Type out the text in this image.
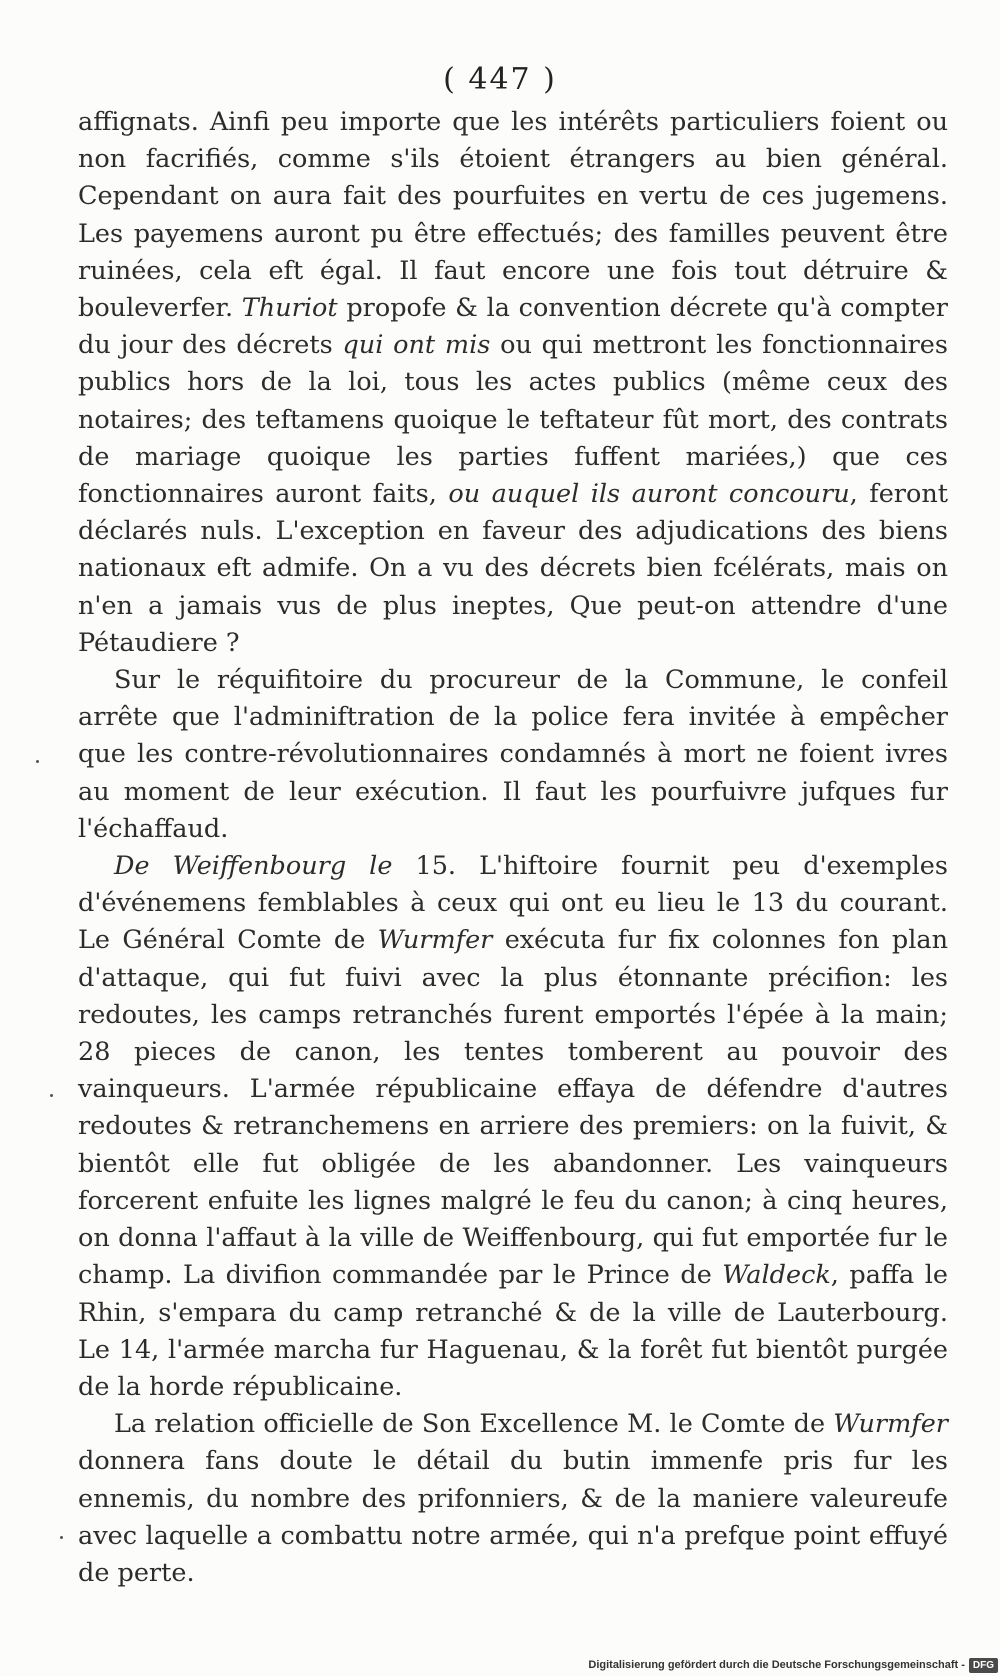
( 447 )

affignats. Ainfi peu importe que les intérêts particuliers foient ou non facrifiés, comme s'ils étoient étrangers au bien général. Cependant on aura fait des pourfuites en vertu de ces jugemens. Les payemens auront pu être effectués; des familles peuvent être ruinées, cela eft égal. Il faut encore une fois tout détruire & bouleverfer. Thuriot propofe & la convention décrete qu'à compter du jour des décrets qui ont mis ou qui mettront les fonctionnaires publics hors de la loi, tous les actes publics (même ceux des notaires; des teftamens quoique le teftateur fût mort, des contrats de mariage quoique les parties fuffent mariées,) que ces fonctionnaires auront faits, ou auquel ils auront concouru, feront déclarés nuls. L'exception en faveur des adjudications des biens nationaux eft admife. On a vu des décrets bien fcélérats, mais on n'en a jamais vus de plus ineptes, Que peut-on attendre d'une Pétaudiere ?

Sur le réquifitoire du procureur de la Commune, le confeil arrête que l'adminiftration de la police fera invitée à empêcher que les contre-révolutionnaires condamnés à mort ne foient ivres au moment de leur exécution. Il faut les pourfuivre jufques fur l'échaffaud.

De Weiffenbourg le 15. L'hiftoire fournit peu d'exemples d'événemens femblables à ceux qui ont eu lieu le 13 du courant. Le Général Comte de Wurmfer exécuta fur fix colonnes fon plan d'attaque, qui fut fuivi avec la plus étonnante précifion: les redoutes, les camps retranchés furent emportés l'épée à la main; 28 pieces de canon, les tentes tomberent au pouvoir des vainqueurs. L'armée républicaine effaya de défendre d'autres redoutes & retranchemens en arriere des premiers: on la fuivit, & bientôt elle fut obligée de les abandonner. Les vainqueurs forcerent enfuite les lignes malgré le feu du canon; à cinq heures, on donna l'affaut à la ville de Weiffenbourg, qui fut emportée fur le champ. La divifion commandée par le Prince de Waldeck, paffa le Rhin, s'empara du camp retranché & de la ville de Lauterbourg. Le 14, l'armée marcha fur Haguenau, & la forêt fut bientôt purgée de la horde républicaine.

La relation officielle de Son Excellence M. le Comte de Wurmfer donnera fans doute le détail du butin immenfe pris fur les ennemis, du nombre des prifonniers, & de la maniere valeureufe avec laquelle a combattu notre armée, qui n'a prefque point effuyé de perte.

Digitalisierung gefördert durch die Deutsche Forschungsgemeinschaft - DFG
